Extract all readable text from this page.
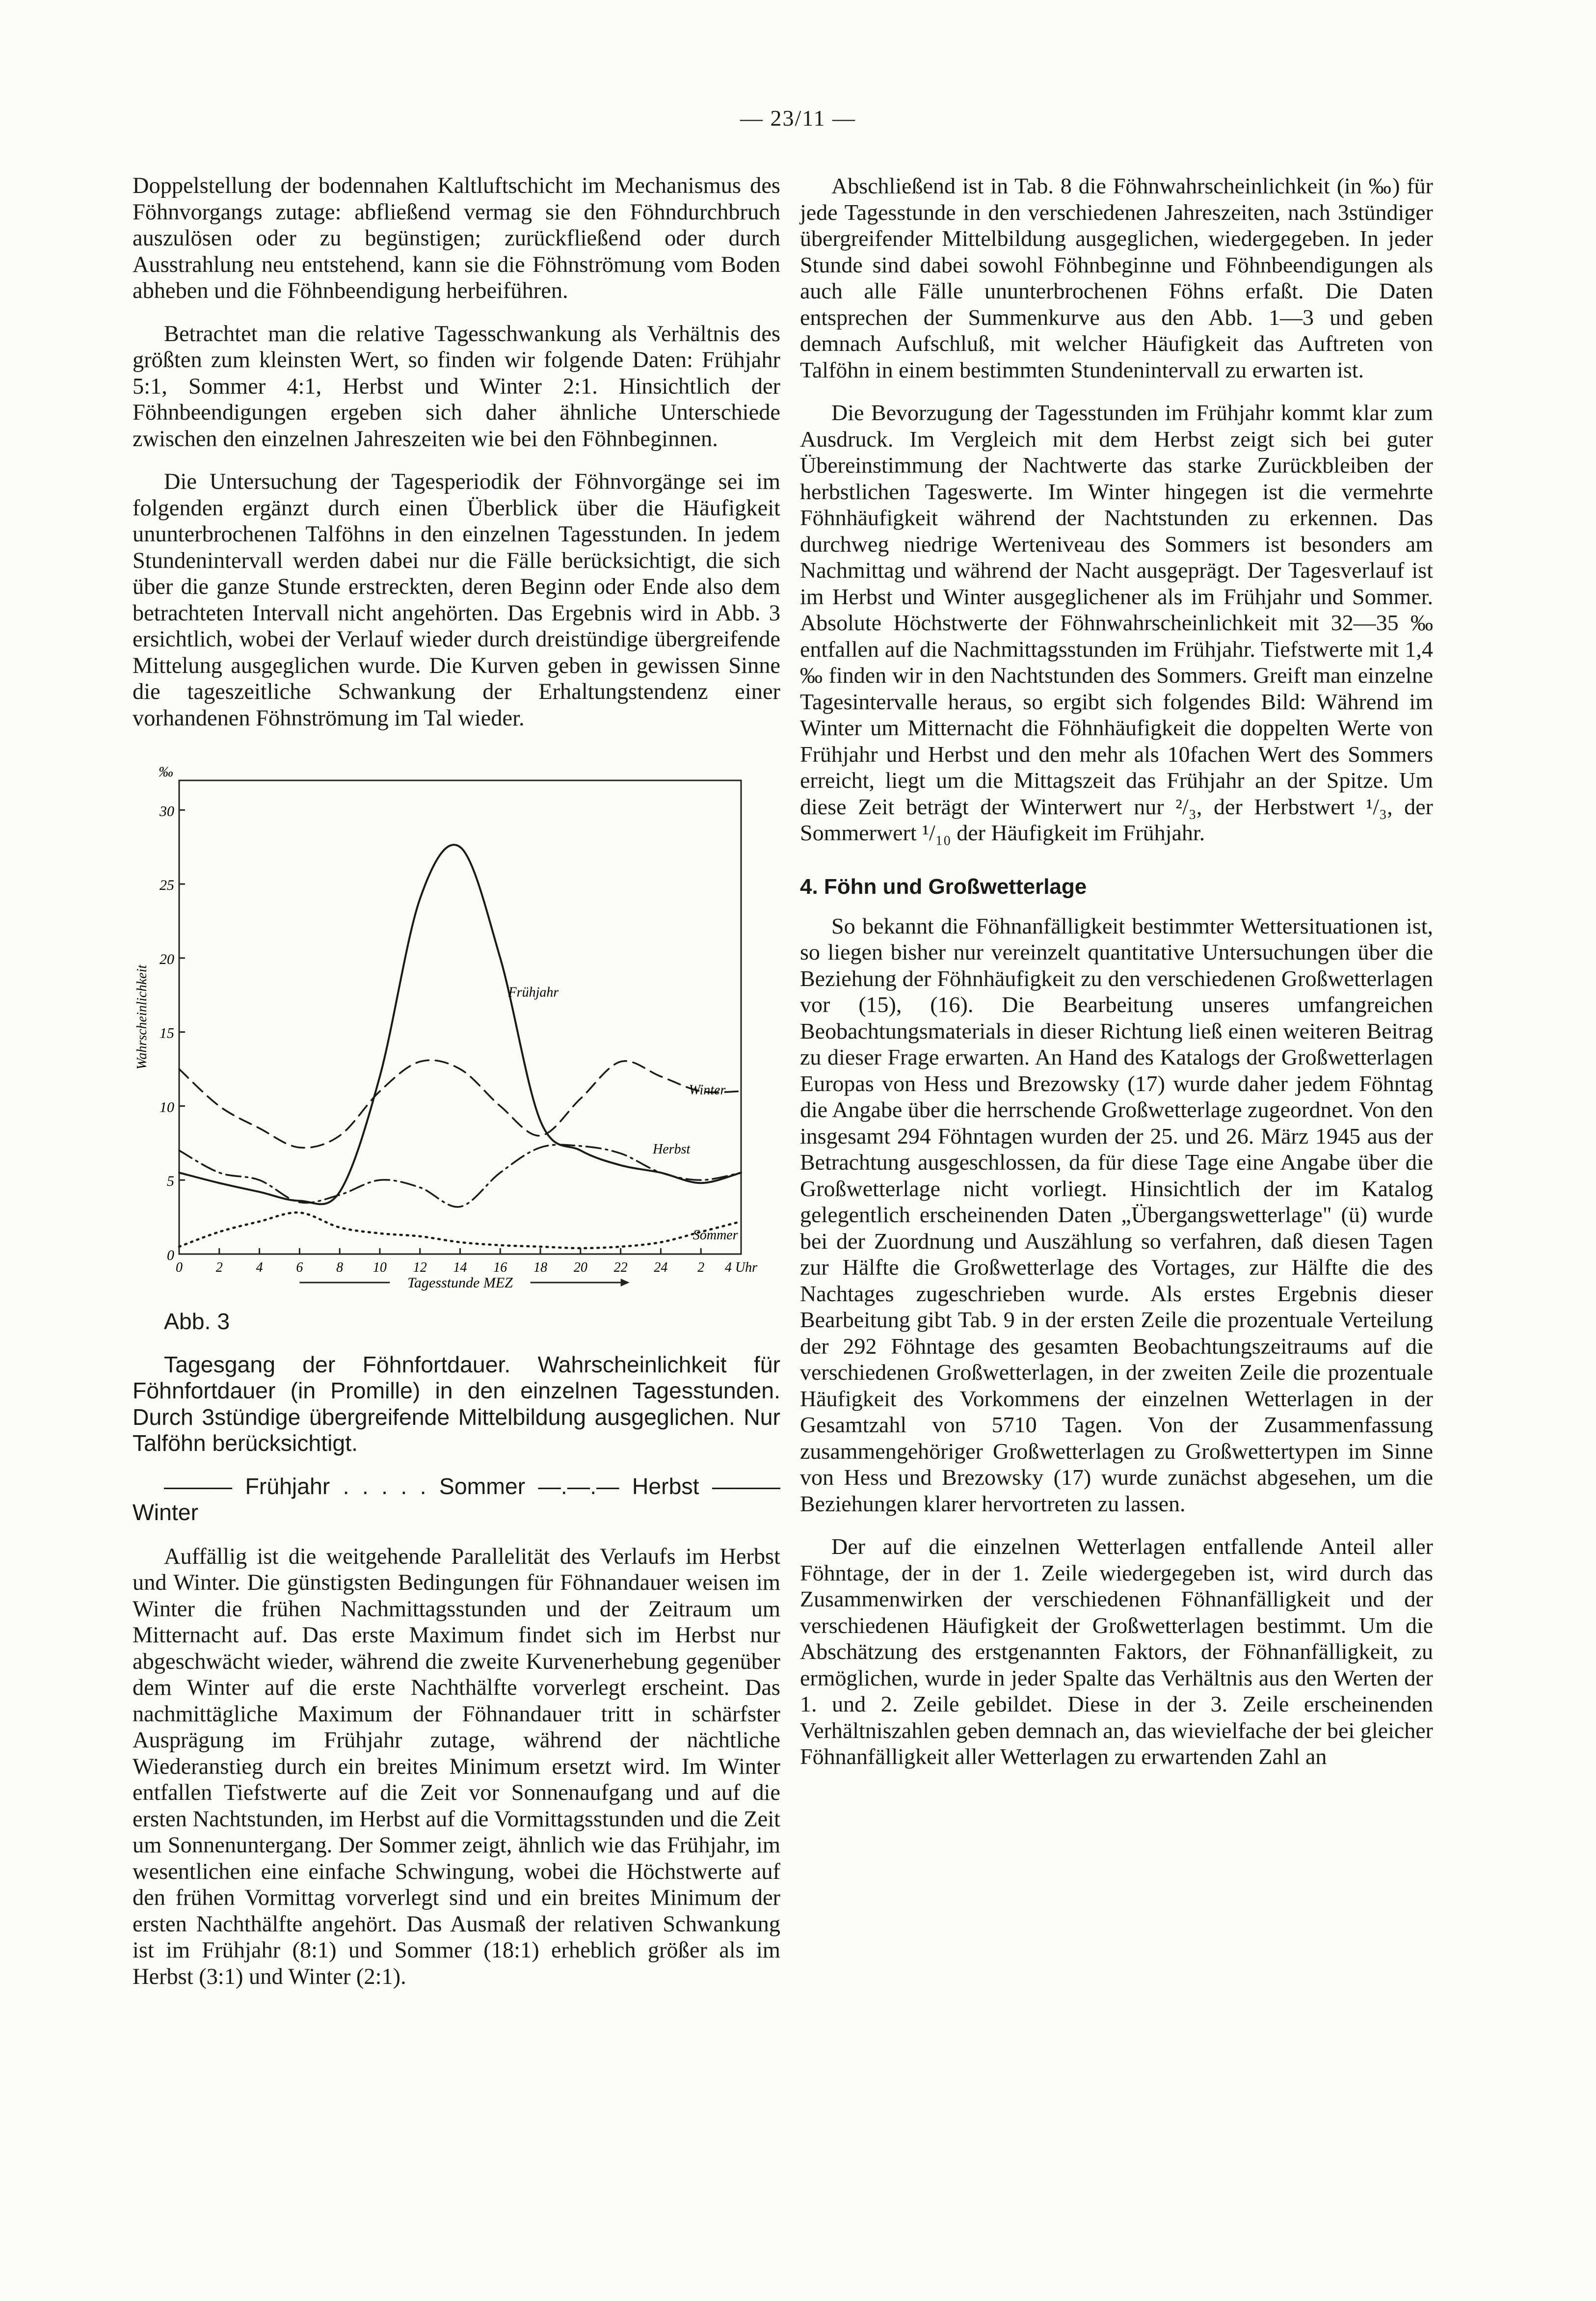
— 23/11 —

Doppelstellung der bodennahen Kaltluftschicht im Mechanismus des Föhnvorgangs zutage: abfließend vermag sie den Föhndurchbruch auszulösen oder zu begünstigen; zurückfließend oder durch Ausstrahlung neu entstehend, kann sie die Föhnströmung vom Boden abheben und die Föhnbeendigung herbeiführen.

Betrachtet man die relative Tagesschwankung als Verhältnis des größten zum kleinsten Wert, so finden wir folgende Daten: Frühjahr 5:1, Sommer 4:1, Herbst und Winter 2:1. Hinsichtlich der Föhnbeendigungen ergeben sich daher ähnliche Unterschiede zwischen den einzelnen Jahreszeiten wie bei den Föhnbeginnen.

Die Untersuchung der Tagesperiodik der Föhnvorgänge sei im folgenden ergänzt durch einen Überblick über die Häufigkeit ununterbrochenen Talföhns in den einzelnen Tagesstunden. In jedem Stundenintervall werden dabei nur die Fälle berücksichtigt, die sich über die ganze Stunde erstreckten, deren Beginn oder Ende also dem betrachteten Intervall nicht angehörten. Das Ergebnis wird in Abb. 3 ersichtlich, wobei der Verlauf wieder durch dreistündige übergreifende Mittelung ausgeglichen wurde. Die Kurven geben in gewissen Sinne die tageszeitliche Schwankung der Erhaltungstendenz einer vorhandenen Föhnströmung im Tal wieder.

0
5
10
15
20
25
30
‰
Wahrscheinlichkeit
0 2 4 6 8 10 12 14 16 18 20 22 24 2 4 Uhr
Tagesstunde MEZ
Frühjahr
Sommer
Herbst
Winter

Abb. 3

Tagesgang der Föhnfortdauer. Wahrscheinlichkeit für Föhnfortdauer (in Promille) in den einzelnen Tagesstunden. Durch 3stündige übergreifende Mittelbildung ausgeglichen. Nur Talföhn berücksichtigt.

——— Frühjahr . . . . . Sommer —.—.— Herbst ——— Winter

Auffällig ist die weitgehende Parallelität des Verlaufs im Herbst und Winter. Die günstigsten Bedingungen für Föhnandauer weisen im Winter die frühen Nachmittagsstunden und der Zeitraum um Mitternacht auf. Das erste Maximum findet sich im Herbst nur abgeschwächt wieder, während die zweite Kurvenerhebung gegenüber dem Winter auf die erste Nachthälfte vorverlegt erscheint. Das nachmittägliche Maximum der Föhnandauer tritt in schärfster Ausprägung im Frühjahr zutage, während der nächtliche Wiederanstieg durch ein breites Minimum ersetzt wird. Im Winter entfallen Tiefstwerte auf die Zeit vor Sonnenaufgang und auf die ersten Nachtstunden, im Herbst auf die Vormittagsstunden und die Zeit um Sonnenuntergang. Der Sommer zeigt, ähnlich wie das Frühjahr, im wesentlichen eine einfache Schwingung, wobei die Höchstwerte auf den frühen Vormittag vorverlegt sind und ein breites Minimum der ersten Nachthälfte angehört. Das Ausmaß der relativen Schwankung ist im Frühjahr (8:1) und Sommer (18:1) erheblich größer als im Herbst (3:1) und Winter (2:1).

Abschließend ist in Tab. 8 die Föhnwahrscheinlichkeit (in ‰) für jede Tagesstunde in den verschiedenen Jahreszeiten, nach 3stündiger übergreifender Mittelbildung ausgeglichen, wiedergegeben. In jeder Stunde sind dabei sowohl Föhnbeginne und Föhnbeendigungen als auch alle Fälle ununterbrochenen Föhns erfaßt. Die Daten entsprechen der Summenkurve aus den Abb. 1—3 und geben demnach Aufschluß, mit welcher Häufigkeit das Auftreten von Talföhn in einem bestimmten Stundenintervall zu erwarten ist.

Die Bevorzugung der Tagesstunden im Frühjahr kommt klar zum Ausdruck. Im Vergleich mit dem Herbst zeigt sich bei guter Übereinstimmung der Nachtwerte das starke Zurückbleiben der herbstlichen Tageswerte. Im Winter hingegen ist die vermehrte Föhnhäufigkeit während der Nachtstunden zu erkennen. Das durchweg niedrige Werteniveau des Sommers ist besonders am Nachmittag und während der Nacht ausgeprägt. Der Tagesverlauf ist im Herbst und Winter ausgeglichener als im Frühjahr und Sommer. Absolute Höchstwerte der Föhnwahrscheinlichkeit mit 32—35 ‰ entfallen auf die Nachmittagsstunden im Frühjahr. Tiefstwerte mit 1,4 ‰ finden wir in den Nachtstunden des Sommers. Greift man einzelne Tagesintervalle heraus, so ergibt sich folgendes Bild: Während im Winter um Mitternacht die Föhnhäufigkeit die doppelten Werte von Frühjahr und Herbst und den mehr als 10fachen Wert des Sommers erreicht, liegt um die Mittagszeit das Frühjahr an der Spitze. Um diese Zeit beträgt der Winterwert nur ²/₃, der Herbstwert ¹/₃, der Sommerwert ¹/₁₀ der Häufigkeit im Frühjahr.

4. Föhn und Großwetterlage

So bekannt die Föhnanfälligkeit bestimmter Wettersituationen ist, so liegen bisher nur vereinzelt quantitative Untersuchungen über die Beziehung der Föhnhäufigkeit zu den verschiedenen Großwetterlagen vor (15), (16). Die Bearbeitung unseres umfangreichen Beobachtungsmaterials in dieser Richtung ließ einen weiteren Beitrag zu dieser Frage erwarten. An Hand des Katalogs der Großwetterlagen Europas von Hess und Brezowsky (17) wurde daher jedem Föhntag die Angabe über die herrschende Großwetterlage zugeordnet. Von den insgesamt 294 Föhntagen wurden der 25. und 26. März 1945 aus der Betrachtung ausgeschlossen, da für diese Tage eine Angabe über die Großwetterlage nicht vorliegt. Hinsichtlich der im Katalog gelegentlich erscheinenden Daten „Übergangswetterlage" (ü) wurde bei der Zuordnung und Auszählung so verfahren, daß diesen Tagen zur Hälfte die Großwetterlage des Vortages, zur Hälfte die des Nachtages zugeschrieben wurde. Als erstes Ergebnis dieser Bearbeitung gibt Tab. 9 in der ersten Zeile die prozentuale Verteilung der 292 Föhntage des gesamten Beobachtungszeitraums auf die verschiedenen Großwetterlagen, in der zweiten Zeile die prozentuale Häufigkeit des Vorkommens der einzelnen Wetterlagen in der Gesamtzahl von 5710 Tagen. Von der Zusammenfassung zusammengehöriger Großwetterlagen zu Großwettertypen im Sinne von Hess und Brezowsky (17) wurde zunächst abgesehen, um die Beziehungen klarer hervortreten zu lassen.

Der auf die einzelnen Wetterlagen entfallende Anteil aller Föhntage, der in der 1. Zeile wiedergegeben ist, wird durch das Zusammenwirken der verschiedenen Föhnanfälligkeit und der verschiedenen Häufigkeit der Großwetterlagen bestimmt. Um die Abschätzung des erstgenannten Faktors, der Föhnanfälligkeit, zu ermöglichen, wurde in jeder Spalte das Verhältnis aus den Werten der 1. und 2. Zeile gebildet. Diese in der 3. Zeile erscheinenden Verhältniszahlen geben demnach an, das wievielfache der bei gleicher Föhnanfälligkeit aller Wetterlagen zu erwartenden Zahl an
